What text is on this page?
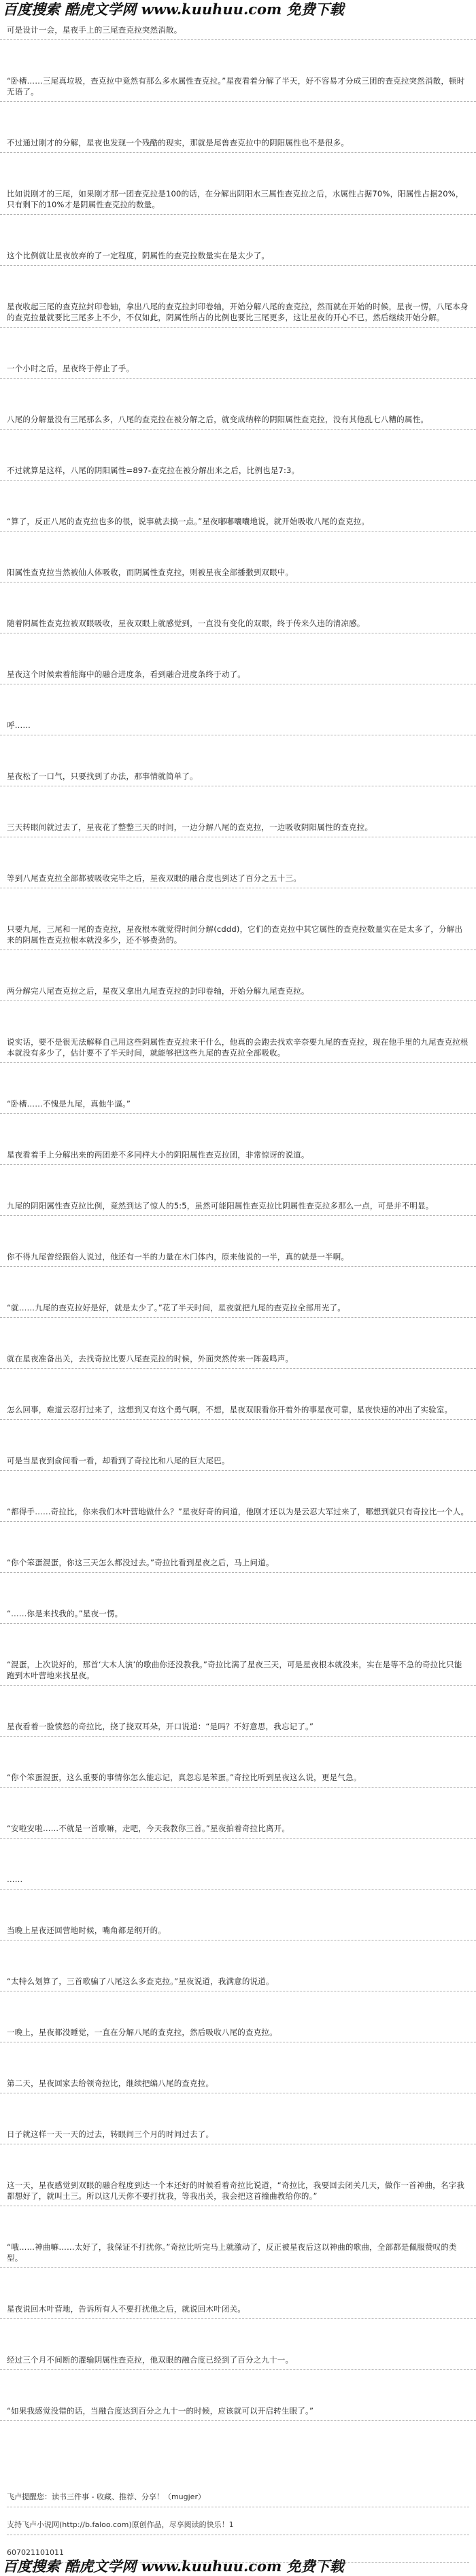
百度搜索 酷虎文学网 www.kuuhuu.com 免费下载
可是设计一会，星夜手上的三尾查克拉突然消散。
“卧槽……三尾真垃圾，查克拉中竟然有那么多水属性查克拉。”星夜看着分解了半天，好不容易才分成三团的查克拉突然消散，顿时无语了。
不过通过刚才的分解，星夜也发现一个残酷的现实，那就是尾兽查克拉中的阴阳属性也不是很多。
比如说刚才的三尾，如果刚才那一团查克拉是100的话，在分解出阴阳水三属性查克拉之后，水属性占据70%，阳属性占据20%，只有剩下的10%才是阴属性查克拉的数量。
这个比例就让星夜放弃的了一定程度，阴属性的查克拉数量实在是太少了。
星夜收起三尾的查克拉封印卷轴，拿出八尾的查克拉封印卷轴，开始分解八尾的查克拉，然而就在开始的时候，星夜一愣，八尾本身的查克拉量就要比三尾多上不少，不仅如此，阴属性所占的比例也要比三尾更多，这让星夜的开心不已，然后继续开始分解。
一个小时之后，星夜终于停止了手。
八尾的分解量没有三尾那么多，八尾的查克拉在被分解之后，就变成纳粹的阴阳属性查克拉，没有其他乱七八糟的属性。
不过就算是这样，八尾的阴阳属性=897-查克拉在被分解出来之后，比例也是7:3。
“算了，反正八尾的查克拉也多的很，说事就去搞一点。”星夜嘟嘟囔囔地说，就开始吸收八尾的查克拉。
阳属性查克拉当然被仙人体吸收，而阴属性查克拉，则被星夜全部播撒到双眼中。
随着阴属性查克拉被双眼吸收，星夜双眼上就感觉到，一直没有变化的双眼，终于传来久违的清凉感。
星夜这个时候索着能海中的融合进度条，看到融合进度条终于动了。
呼……
星夜松了一口气，只要找到了办法，那事情就简单了。
三天转眼间就过去了，星夜花了整整三天的时间，一边分解八尾的查克拉，一边吸收阴阳属性的查克拉。
等到八尾查克拉全部都被吸收完毕之后，星夜双眼的融合度也到达了百分之五十三。
只要九尾，三尾和一尾的查克拉，星夜根本就觉得时间分解(cddd)，它们的查克拉中其它属性的查克拉数量实在是太多了，分解出来的阴属性查克拉根本就没多少，还不够费劲的。
两分解完八尾查克拉之后，星夜又拿出九尾查克拉的封印卷轴，开始分解九尾查克拉。
说实话，要不是很无法解释自己用这些阴属性查克拉来干什么，他真的会跑去找欢辛奈要九尾的查克拉，现在他手里的九尾查克拉根本就没有多少了，估计要不了半天时间，就能够把这些九尾的查克拉全部吸收。
“卧槽……不愧是九尾，真他牛逼。”
星夜看着手上分解出来的两团差不多同样大小的阴阳属性查克拉团，非常惊讶的说道。
九尾的阴阳属性查克拉比例，竟然到达了惊人的5:5，虽然可能阳属性查克拉比阴属性查克拉多那么一点，可是并不明显。
你不得九尾曾经跟俗人说过，他还有一半的力量在木门体内，原来他说的一半，真的就是一半啊。
“就……九尾的查克拉好是好，就是太少了。”花了半天时间，星夜就把九尾的查克拉全部用光了。
就在星夜准备出关，去找奇拉比要八尾查克拉的时候，外面突然传来一阵轰鸣声。
怎么回事，难道云忍打过来了，这想到又有这个勇气啊，不想，星夜双眼看你开着外的事星夜可靠，星夜快速的冲出了实验室。
可是当星夜到俞间看一看，却看到了奇拉比和八尾的巨大尾巴。
“都得手……奇拉比，你来我们木叶营地做什么？”星夜好奇的问道，他刚才还以为是云忍大军过来了，哪想到就只有奇拉比一个人。
“你个笨蛋混蛋，你这三天怎么都没过去。”奇拉比看到星夜之后，马上问道。
“……你是来找我的。”星夜一愣。
“混蛋，上次说好的，那首‘大木人演’的歌曲你还没教我。”奇拉比满了星夜三天，可是星夜根本就没来，实在是等不急的奇拉比只能跑到木叶营地来找星夜。
星夜看着一脸愤怒的奇拉比，挠了挠双耳朵，开口说道：“是吗？不好意思，我忘记了。”
“你个笨蛋混蛋，这么重要的事情你怎么能忘记，真忽忘是苯蛋。”奇拉比听到星夜这么说，更是气急。
“安啦安啦……不就是一首歌嘛，走吧，今天我教你三首。”星夜拍着奇拉比离开。
……
当晚上星夜还回营地时候，嘴角都是纲开的。
“太特么划算了，三首歌骗了八尾这么多查克拉。”星夜说道，我满意的说道。
一晚上，星夜都没睡觉，一直在分解八尾的查克拉，然后吸收八尾的查克拉。
第二天，星夜回家去给领奇拉比，继续把编八尾的查克拉。
日子就这样一天一天的过去，转眼间三个月的时间过去了。
这一天，星夜感觉到双眼的融合程度到达一个本还好的时候看着奇拉比说道，“奇拉比，我要回去闭关几天，做作一首神曲，名字我都想好了，就叫土三。所以这几天你不要打扰我，等我出关，我会把这首撞曲教给你的。”
“哦……神曲嘛……太好了，我保证不打扰你。”奇拉比听完马上就激动了，反正被星夜后这以神曲的歌曲，全部都是佩服赞叹的类型。
星夜说回木叶营地，告诉所有人不要打扰他之后，就说回木叶闭关。
经过三个月不间断的灌输阴属性查克拉，他双眼的融合度已经到了百分之九十一。
“如果我感觉没错的话，当融合度达到百分之九十一的时候，应该就可以开启转生眼了。”
飞卢提醒您：读书三件事 - 收藏、推荐、分享！（mugjer）
支持飞卢小说网(http://b.faloo.com)原创作品，尽享阅读的快乐！1
607021101011
百度搜索 酷虎文学网 www.kuuhuu.com 免费下载
